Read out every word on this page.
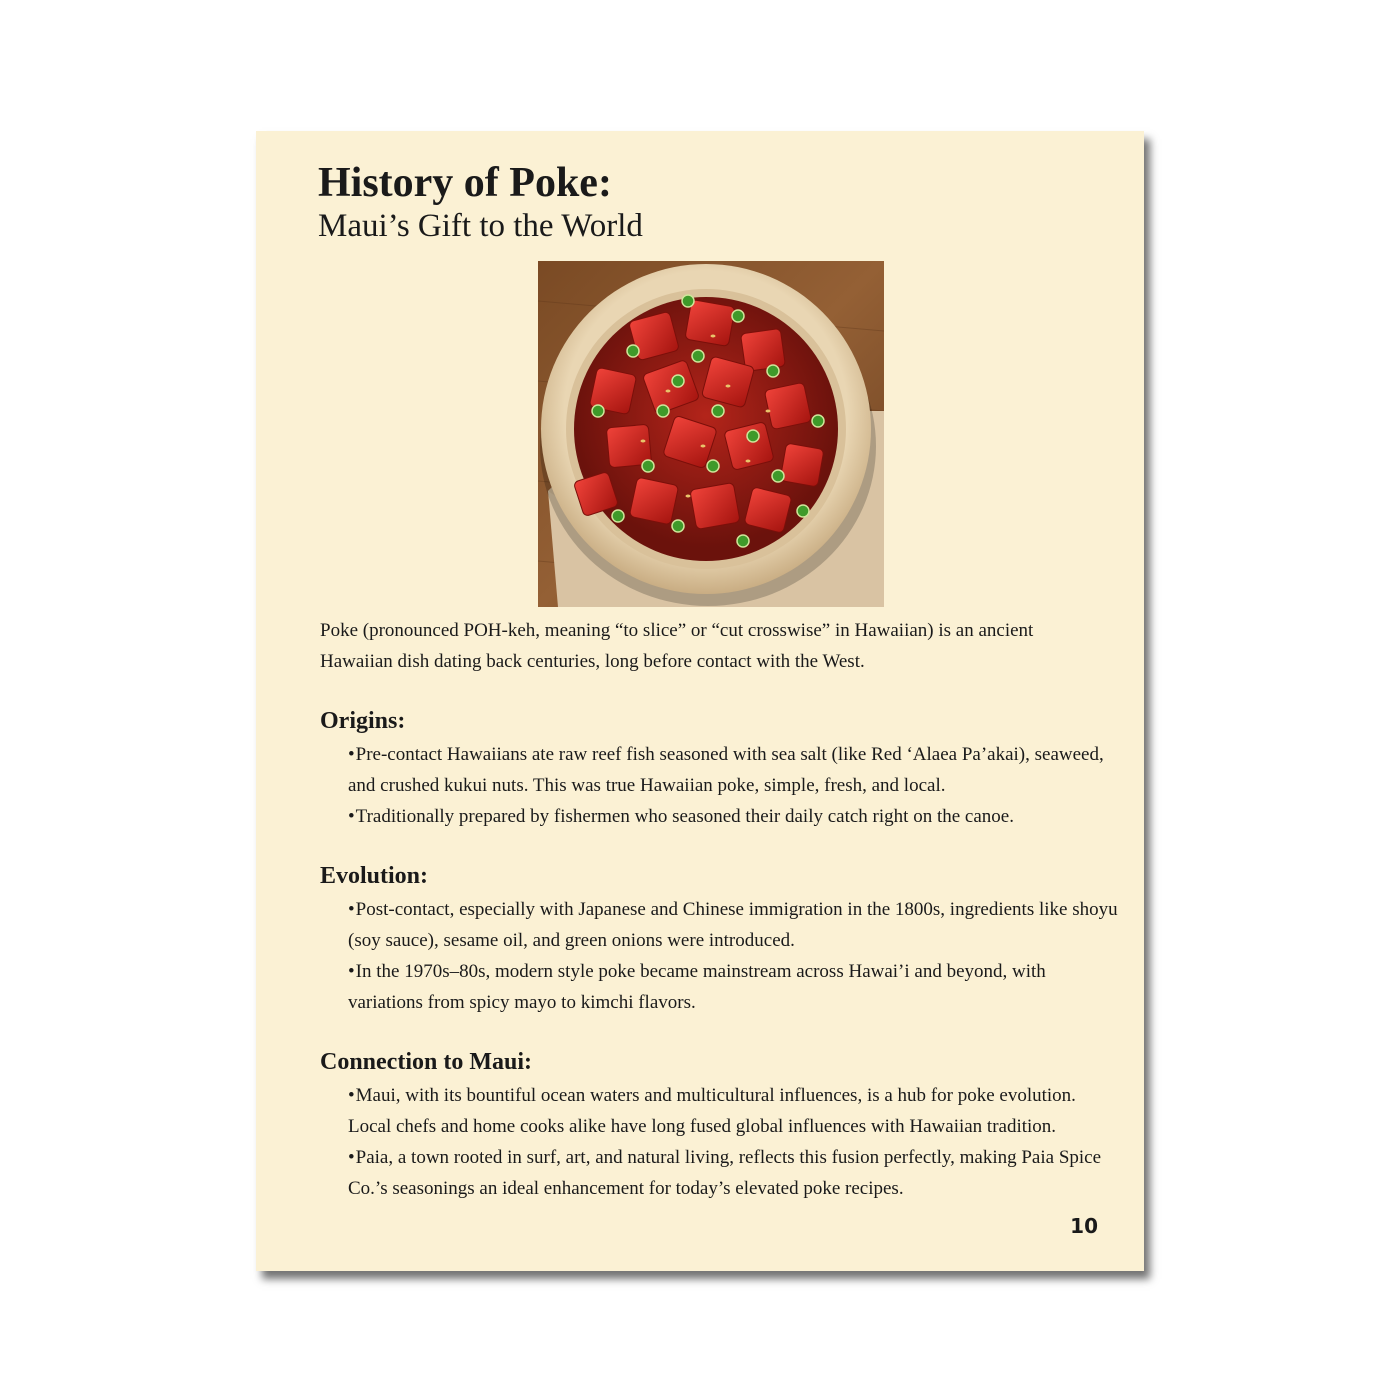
History of Poke:
Maui’s Gift to the World

Poke (pronounced POH-keh, meaning “to slice” or “cut crosswise” in Hawaiian) is an ancient Hawaiian dish dating back centuries, long before contact with the West.

Origins:
•Pre-contact Hawaiians ate raw reef fish seasoned with sea salt (like Red ‘Alaea Pa’akai), seaweed, and crushed kukui nuts. This was true Hawaiian poke, simple, fresh, and local.
•Traditionally prepared by fishermen who seasoned their daily catch right on the canoe.
Evolution:
•Post-contact, especially with Japanese and Chinese immigration in the 1800s, ingredients like shoyu (soy sauce), sesame oil, and green onions were introduced.
•In the 1970s–80s, modern style poke became mainstream across Hawai’i and beyond, with variations from spicy mayo to kimchi flavors.
Connection to Maui:
•Maui, with its bountiful ocean waters and multicultural influences, is a hub for poke evolution. Local chefs and home cooks alike have long fused global influences with Hawaiian tradition.
•Paia, a town rooted in surf, art, and natural living, reflects this fusion perfectly, making Paia Spice Co.’s seasonings an ideal enhancement for today’s elevated poke recipes.

10
